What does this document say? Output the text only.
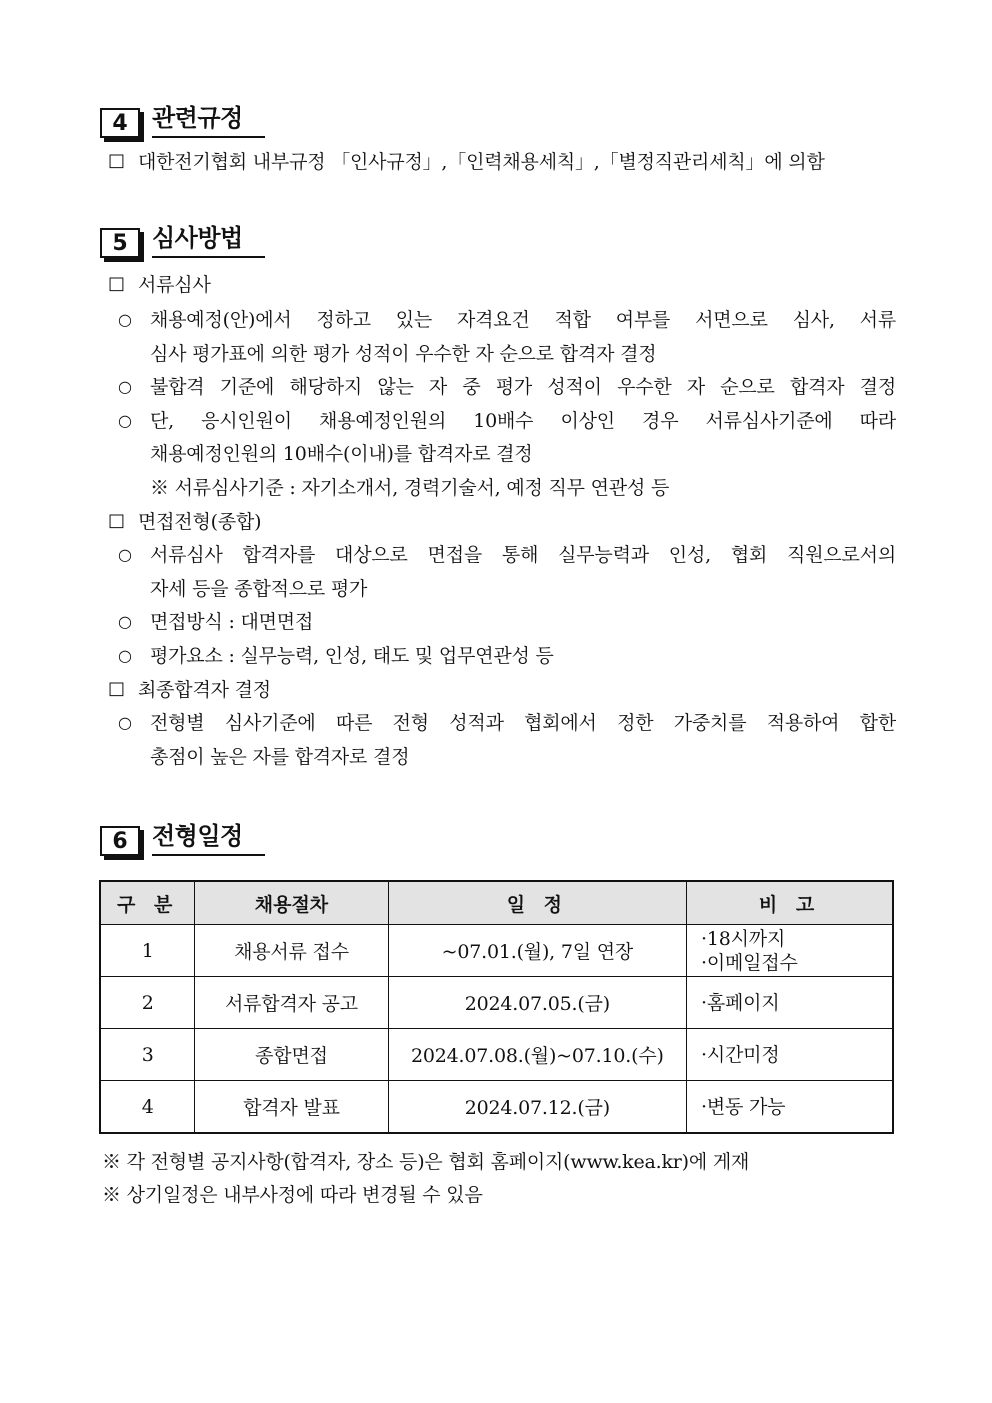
4	관련규정
□ 대한전기협회 내부규정 「인사규정」,「인력채용세칙」,「별정직관리세칙」에 의함
5	심사방법
□ 서류심사
○ 채용예정(안)에서 정하고 있는 자격요건 적합 여부를 서면으로 심사, 서류
심사 평가표에 의한 평가 성적이 우수한 자 순으로 합격자 결정
○ 불합격 기준에 해당하지 않는 자 중 평가 성적이 우수한 자 순으로 합격자 결정
○ 단, 응시인원이 채용예정인원의 10배수 이상인 경우 서류심사기준에 따라
채용예정인원의 10배수(이내)를 합격자로 결정
※ 서류심사기준 : 자기소개서, 경력기술서, 예정 직무 연관성 등
□ 면접전형(종합)
○ 서류심사 합격자를 대상으로 면접을 통해 실무능력과 인성, 협회 직원으로서의
자세 등을 종합적으로 평가
○ 면접방식 : 대면면접
○ 평가요소 : 실무능력, 인성, 태도 및 업무연관성 등
□ 최종합격자 결정
○ 전형별 심사기준에 따른 전형 성적과 협회에서 정한 가중치를 적용하여 합한
총점이 높은 자를 합격자로 결정
6	전형일정
구 분	채용절차	일 정	비 고
1	채용서류 접수	~07.01.(월), 7일 연장	·18시까지
·이메일접수

2	서류합격자 공고	2024.07.05.(금)	·홈페이지
3	종합면접	2024.07.08.(월)~07.10.(수)	·시간미정
4	합격자 발표	2024.07.12.(금)	·변동 가능
※ 각 전형별 공지사항(합격자, 장소 등)은 협회 홈페이지(www.kea.kr)에 게재
※ 상기일정은 내부사정에 따라 변경될 수 있음
